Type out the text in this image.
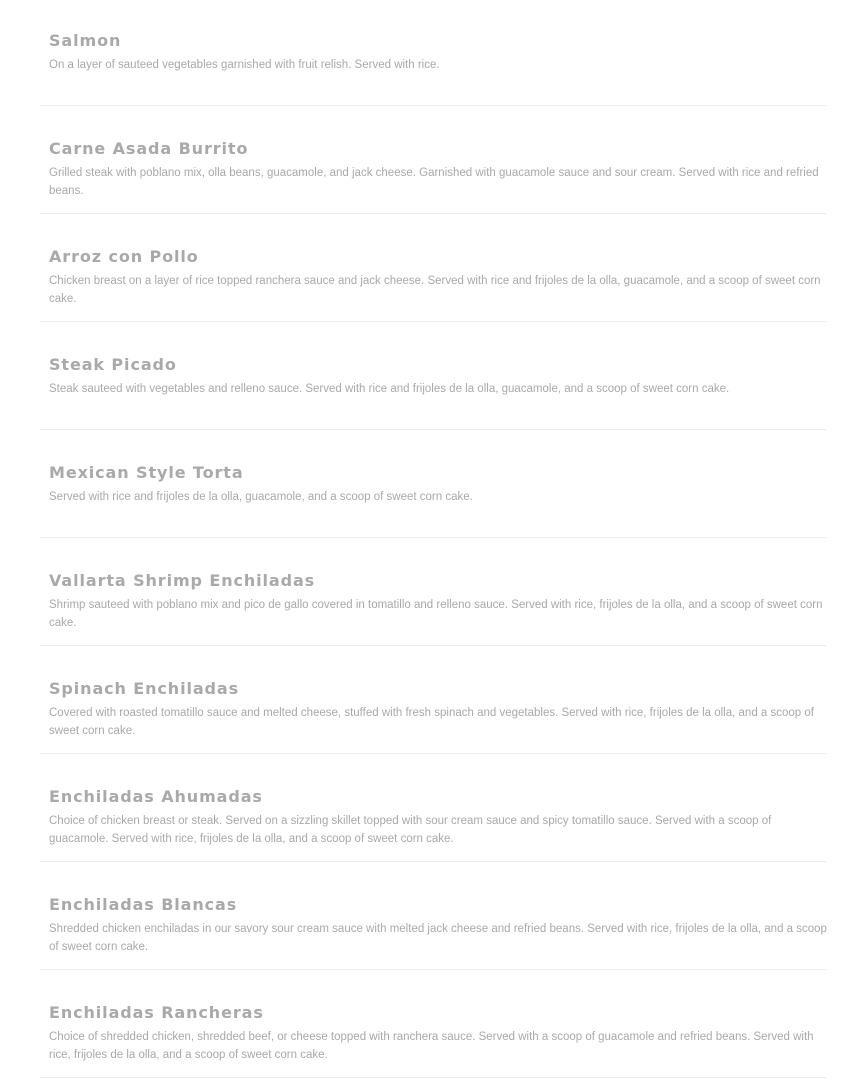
Salmon

On a layer of sauteed vegetables garnished with fruit relish. Served with rice.

Carne Asada Burrito

Grilled steak with poblano mix, olla beans, guacamole, and jack cheese. Garnished with guacamole sauce and sour cream. Served with rice and refried beans.

Arroz con Pollo

Chicken breast on a layer of rice topped ranchera sauce and jack cheese. Served with rice and frijoles de la olla, guacamole, and a scoop of sweet corn cake.

Steak Picado

Steak sauteed with vegetables and relleno sauce. Served with rice and frijoles de la olla, guacamole, and a scoop of sweet corn cake.

Mexican Style Torta

Served with rice and frijoles de la olla, guacamole, and a scoop of sweet corn cake.

Vallarta Shrimp Enchiladas

Shrimp sauteed with poblano mix and pico de gallo covered in tomatillo and relleno sauce. Served with rice, frijoles de la olla, and a scoop of sweet corn cake.

Spinach Enchiladas

Covered with roasted tomatillo sauce and melted cheese, stuffed with fresh spinach and vegetables. Served with rice, frijoles de la olla, and a scoop of sweet corn cake.

Enchiladas Ahumadas

Choice of chicken breast or steak. Served on a sizzling skillet topped with sour cream sauce and spicy tomatillo sauce. Served with a scoop of guacamole. Served with rice, frijoles de la olla, and a scoop of sweet corn cake.

Enchiladas Blancas

Shredded chicken enchiladas in our savory sour cream sauce with melted jack cheese and refried beans. Served with rice, frijoles de la olla, and a scoop of sweet corn cake.

Enchiladas Rancheras

Choice of shredded chicken, shredded beef, or cheese topped with ranchera sauce. Served with a scoop of guacamole and refried beans. Served with rice, frijoles de la olla, and a scoop of sweet corn cake.
